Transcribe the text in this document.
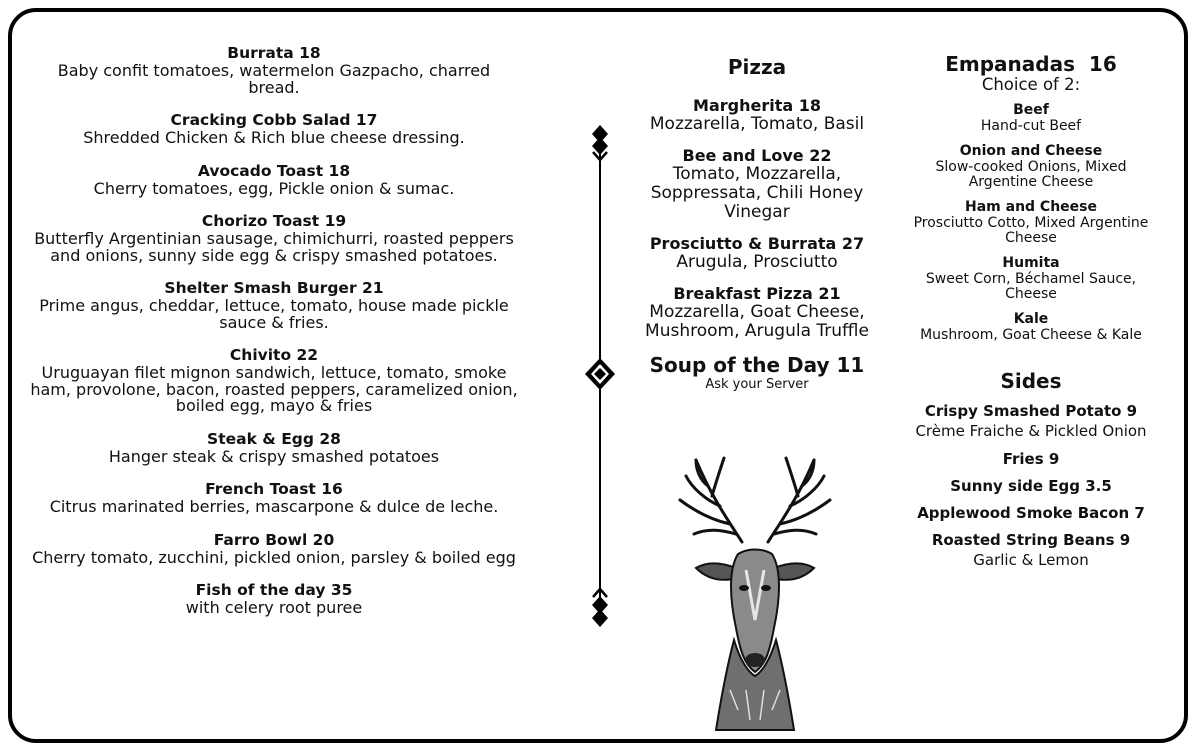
Burrata 18
Baby confit tomatoes, watermelon Gazpacho, charred bread.
Cracking Cobb Salad 17
Shredded Chicken & Rich blue cheese dressing.
Avocado Toast 18
Cherry tomatoes, egg, Pickle onion & sumac.
Chorizo Toast 19
Butterfly Argentinian sausage, chimichurri, roasted peppers and onions, sunny side egg & crispy smashed potatoes.
Shelter Smash Burger 21
Prime angus, cheddar, lettuce, tomato, house made pickle sauce & fries.
Chivito 22
Uruguayan filet mignon sandwich, lettuce, tomato, smoke ham, provolone, bacon, roasted peppers, caramelized onion, boiled egg, mayo & fries
Steak & Egg 28
Hanger steak & crispy smashed potatoes
French Toast 16
Citrus marinated berries, mascarpone & dulce de leche.
Farro Bowl 20
Cherry tomato, zucchini, pickled onion, parsley & boiled egg
Fish of the day 35
with celery root puree
Pizza
Margherita 18
Mozzarella, Tomato, Basil
Bee and Love 22
Tomato, Mozzarella, Soppressata, Chili Honey Vinegar
Prosciutto & Burrata 27
Arugula, Prosciutto
Breakfast Pizza 21
Mozzarella, Goat Cheese, Mushroom, Arugula Truffle
Soup of the Day 11
Ask your Server
Empanadas  16
Choice of 2:
Beef
Hand-cut Beef
Onion and Cheese
Slow-cooked Onions, Mixed Argentine Cheese
Ham and Cheese
Prosciutto Cotto, Mixed Argentine Cheese
Humita
Sweet Corn, Béchamel Sauce, Cheese
Kale
Mushroom, Goat Cheese & Kale
Sides
Crispy Smashed Potato 9
Crème Fraiche & Pickled Onion
Fries 9
Sunny side Egg 3.5
Applewood Smoke Bacon 7
Roasted String Beans 9
Garlic & Lemon
